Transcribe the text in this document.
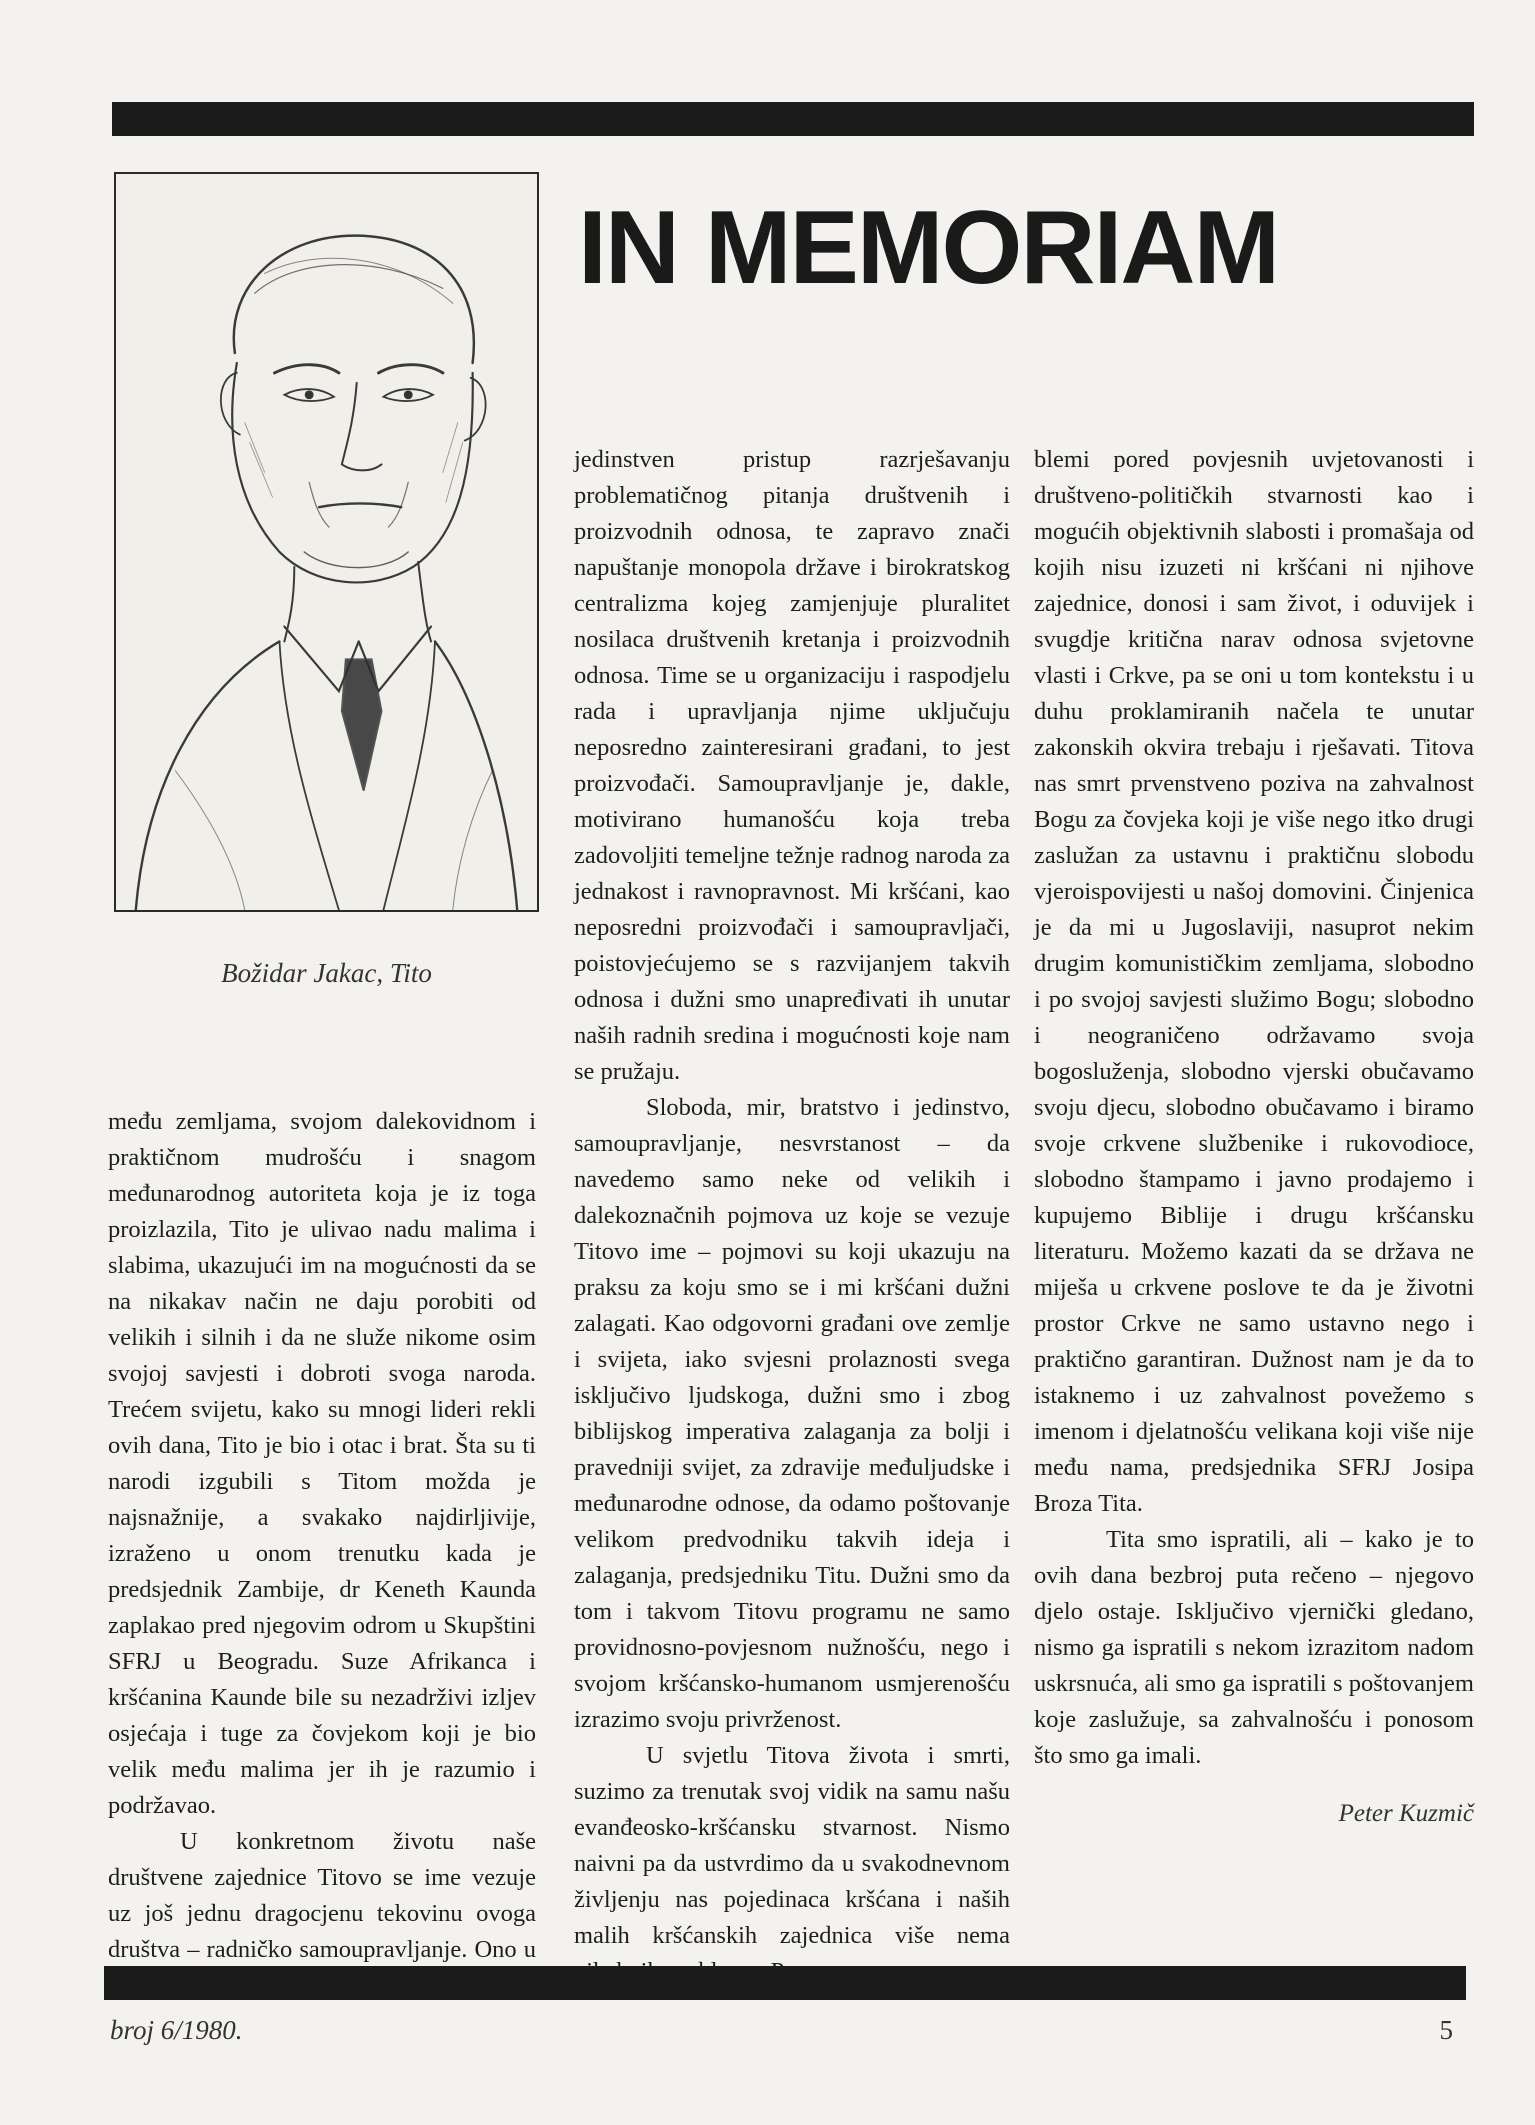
Božidar Jakac, Tito
IN MEMORIAM

među zemljama, svojom dalekovidnom i praktičnom mudrošću i snagom međunarodnog autoriteta koja je iz toga proizlazila, Tito je ulivao nadu malima i slabima, ukazujući im na mogućnosti da se na nikakav način ne daju porobiti od velikih i silnih i da ne služe nikome osim svojoj savjesti i dobroti svoga naroda. Trećem svijetu, kako su mnogi lideri rekli ovih dana, Tito je bio i otac i brat. Šta su ti narodi izgubili s Titom možda je najsnažnije, a svakako najdirljivije, izraženo u onom trenutku kada je predsjednik Zambije, dr Keneth Kaunda zaplakao pred njegovim odrom u Skupštini SFRJ u Beogradu. Suze Afrikanca i kršćanina Kaunde bile su nezadrživi izljev osjećaja i tuge za čovjekom koji je bio velik među malima jer ih je razumio i podržavao.

U konkretnom životu naše društvene zajednice Titovo se ime vezuje uz još jednu dragocjenu tekovinu ovoga društva – radničko samoupravljanje. Ono u

jedinstven pristup razrješavanju problematičnog pitanja društvenih i proizvodnih odnosa, te zapravo znači napuštanje monopola države i birokratskog centralizma kojeg zamjenjuje pluralitet nosilaca društvenih kretanja i proizvodnih odnosa. Time se u organizaciju i raspodjelu rada i upravljanja njime uključuju neposredno zainteresirani građani, to jest proizvođači. Samoupravljanje je, dakle, motivirano humanošću koja treba zadovoljiti temeljne težnje radnog naroda za jednakost i ravnopravnost. Mi kršćani, kao neposredni proizvođači i samoupravljači, poistovjećujemo se s razvijanjem takvih odnosa i dužni smo unapređivati ih unutar naših radnih sredina i mogućnosti koje nam se pružaju.

Sloboda, mir, bratstvo i jedinstvo, samoupravljanje, nesvrstanost – da navedemo samo neke od velikih i dalekoznačnih pojmova uz koje se vezuje Titovo ime – pojmovi su koji ukazuju na praksu za koju smo se i mi kršćani dužni zalagati. Kao odgovorni građani ove zemlje i svijeta, iako svjesni prolaznosti svega isključivo ljudskoga, dužni smo i zbog biblijskog imperativa zalaganja za bolji i pravedniji svijet, za zdravije međuljudske i međunarodne odnose, da odamo poštovanje velikom predvodniku takvih ideja i zalaganja, predsjedniku Titu. Dužni smo da tom i takvom Titovu programu ne samo providnosno-povjesnom nužnošću, nego i svojom kršćansko-humanom usmjerenošću izrazimo svoju privrženost.

U svjetlu Titova života i smrti, suzimo za trenutak svoj vidik na samu našu evanđeosko-kršćansku stvarnost. Nismo naivni pa da ustvrdimo da u svakodnevnom življenju nas pojedinaca kršćana i naših malih kršćanskih zajednica više nema

blemi pored povjesnih uvjetovanosti i društveno-političkih stvarnosti kao i mogućih objektivnih slabosti i promašaja od kojih nisu izuzeti ni kršćani ni njihove zajednice, donosi i sam život, i oduvijek i svugdje kritična narav odnosa svjetovne vlasti i Crkve, pa se oni u tom kontekstu i u duhu proklamiranih načela te unutar zakonskih okvira trebaju i rješavati. Titova nas smrt prvenstveno poziva na zahvalnost Bogu za čovjeka koji je više nego itko drugi zaslužan za ustavnu i praktičnu slobodu vjeroispovijesti u našoj domovini. Činjenica je da mi u Jugoslaviji, nasuprot nekim drugim komunističkim zemljama, slobodno i po svojoj savjesti služimo Bogu; slobodno i neograničeno održavamo svoja bogosluženja, slobodno vjerski obučavamo svoju djecu, slobodno obučavamo i biramo svoje crkvene službenike i rukovodioce, slobodno štampamo i javno prodajemo i kupujemo Biblije i drugu kršćansku literaturu. Možemo kazati da se država ne miješa u crkvene poslove te da je životni prostor Crkve ne samo ustavno nego i praktično garantiran. Dužnost nam je da to istaknemo i uz zahvalnost povežemo s imenom i djelatnošću velikana koji više nije među nama, predsjednika SFRJ Josipa Broza Tita.

Tita smo ispratili, ali – kako je to ovih dana bezbroj puta rečeno – njegovo djelo ostaje. Isključivo vjernički gledano, nismo ga ispratili s nekom izrazitom nadom uskrsnuća, ali smo ga ispratili s poštovanjem koje zaslužuje, sa zahvalnošću i ponosom što smo ga imali.

Peter Kuzmič
broj 6/1980.	5
